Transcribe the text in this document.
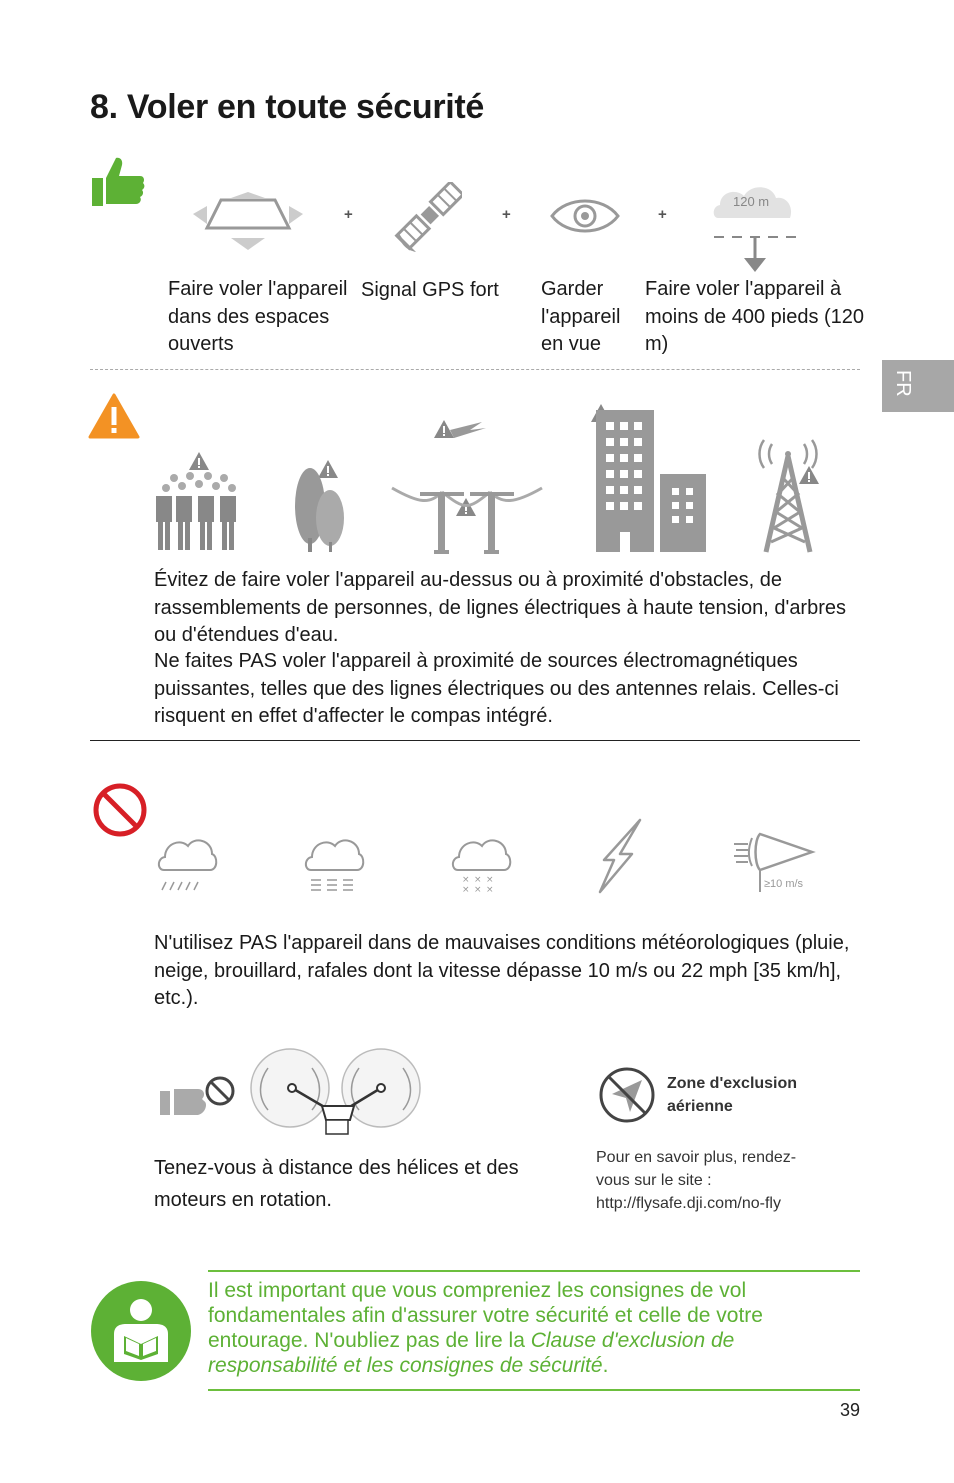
8. Voler en toute sécurité
FR
+	+	+
120 m
Faire voler l'appareil dans des espaces ouverts
Signal GPS fort	Garder l'appareil en vue
Faire voler l'appareil à moins de 400 pieds (120 m)
Évitez de faire voler l'appareil au-dessus ou à proximité d'obstacles, de rassemblements de personnes, de lignes électriques à haute tension, d'arbres ou d'étendues d'eau.
Ne faites PAS voler l'appareil à proximité de sources électromagnétiques puissantes, telles que des lignes électriques ou des antennes relais. Celles-ci risquent en effet d'affecter le compas intégré.
× × ×
× × ×	≥10 m/s
N'utilisez PAS l'appareil dans de mauvaises conditions météorologiques (pluie, neige, brouillard, rafales dont la vitesse dépasse 10 m/s ou 22 mph [35 km/h], etc.).
Tenez-vous à distance des hélices et des moteurs en rotation.
Zone d'exclusion aérienne
Pour en savoir plus, rendez-vous sur le site : http://flysafe.dji.com/no-fly
Il est important que vous compreniez les consignes de vol fondamentales afin d'assurer votre sécurité et celle de votre entourage. N'oubliez pas de lire la Clause d'exclusion de responsabilité et les consignes de sécurité.
39
